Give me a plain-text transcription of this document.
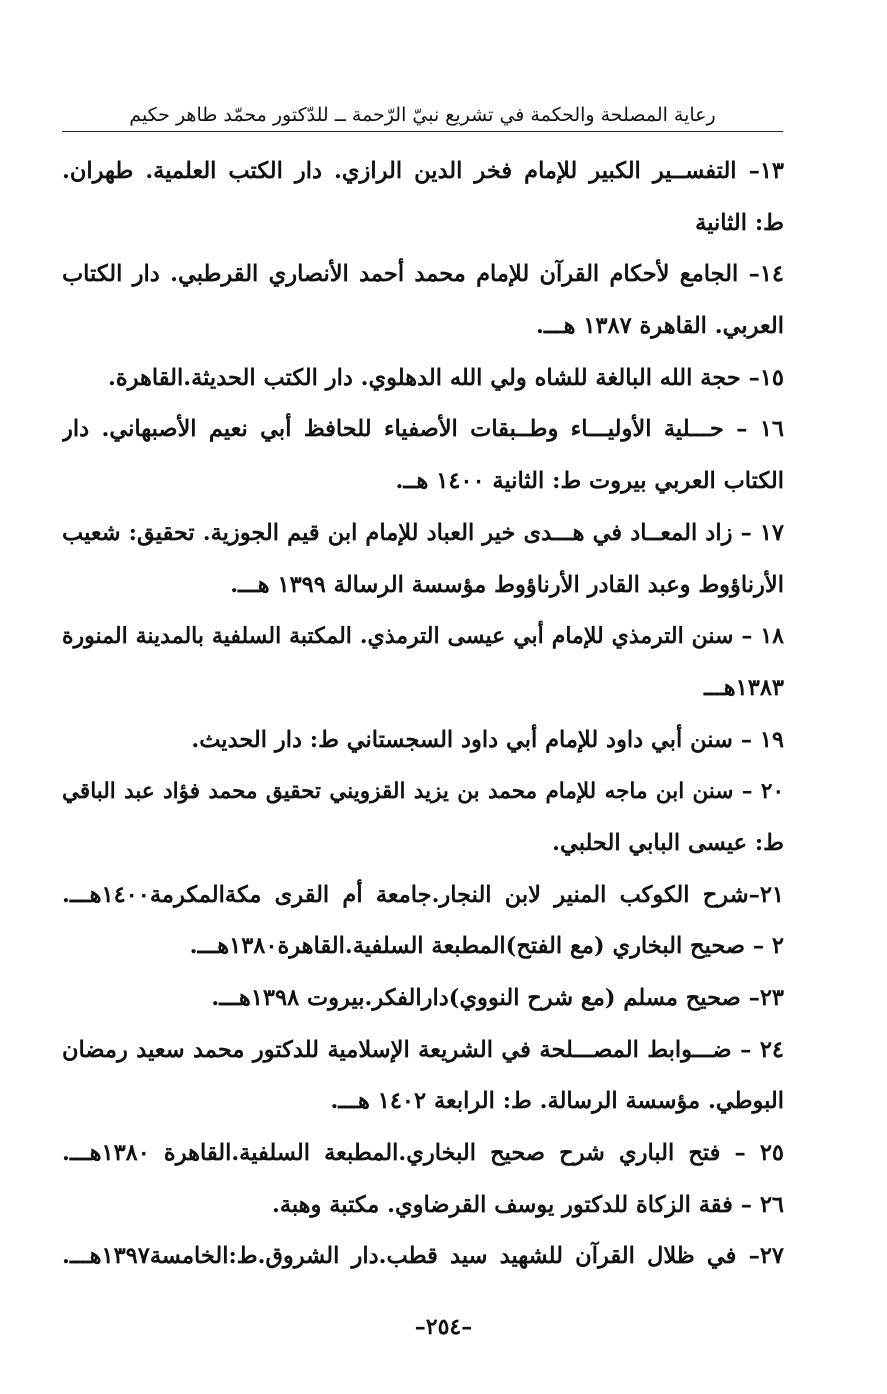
رعاية المصلحة والحكمة في تشريع نبيّ الرّحمة ــ للدّكتور محمّد طاهر حكيم
١٣– التفســير الكبير للإمام فخر الدين الرازي. دار الكتب العلمية. طهران.
ط: الثانية
١٤– الجامع لأحكام القرآن للإمام محمد أحمد الأنصاري القرطبي. دار الكتاب
العربي. القاهرة ١٣٨٧ هـــ.
١٥– حجة الله البالغة للشاه ولي الله الدهلوي. دار الكتب الحديثة.القاهرة.
١٦ – حـــلية الأوليـــاء وطــبقات الأصفياء للحافظ أبي نعيم الأصبهاني. دار
الكتاب العربي بيروت ط: الثانية ١٤٠٠ هــ.
١٧ – زاد المعــاد في هـــدى خير العباد للإمام ابن قيم الجوزية. تحقيق: شعيب
الأرناؤوط وعبد القادر الأرناؤوط مؤسسة الرسالة ١٣٩٩ هـــ.
١٨ – سنن الترمذي للإمام أبي عيسى الترمذي. المكتبة السلفية بالمدينة المنورة
١٣٨٣هـــ
١٩ – سنن أبي داود للإمام أبي داود السجستاني ط: دار الحديث.
٢٠ – سنن ابن ماجه للإمام محمد بن يزيد القزويني تحقيق محمد فؤاد عبد الباقي
ط: عيسى البابي الحلبي.
٢١–شرح الكوكب المنير لابن النجار.جامعة أم القرى مكةالمكرمة١٤٠٠هـــ.
٢ – صحيح البخاري (مع الفتح)المطبعة السلفية.القاهرة١٣٨٠هـــ.
٢٣– صحيح مسلم (مع شرح النووي)دارالفكر.بيروت ١٣٩٨هـــ.
٢٤ – ضـــوابط المصـــلحة في الشريعة الإسلامية للدكتور محمد سعيد رمضان
البوطي. مؤسسة الرسالة. ط: الرابعة ١٤٠٢ هـــ.
٢٥ – فتح الباري شرح صحيح البخاري.المطبعة السلفية.القاهرة ١٣٨٠هـــ.
٢٦ – فقة الزكاة للدكتور يوسف القرضاوي. مكتبة وهبة.
٢٧– في ظلال القرآن للشهيد سيد قطب.دار الشروق.ط:الخامسة١٣٩٧هـــ.
–٢٥٤–
